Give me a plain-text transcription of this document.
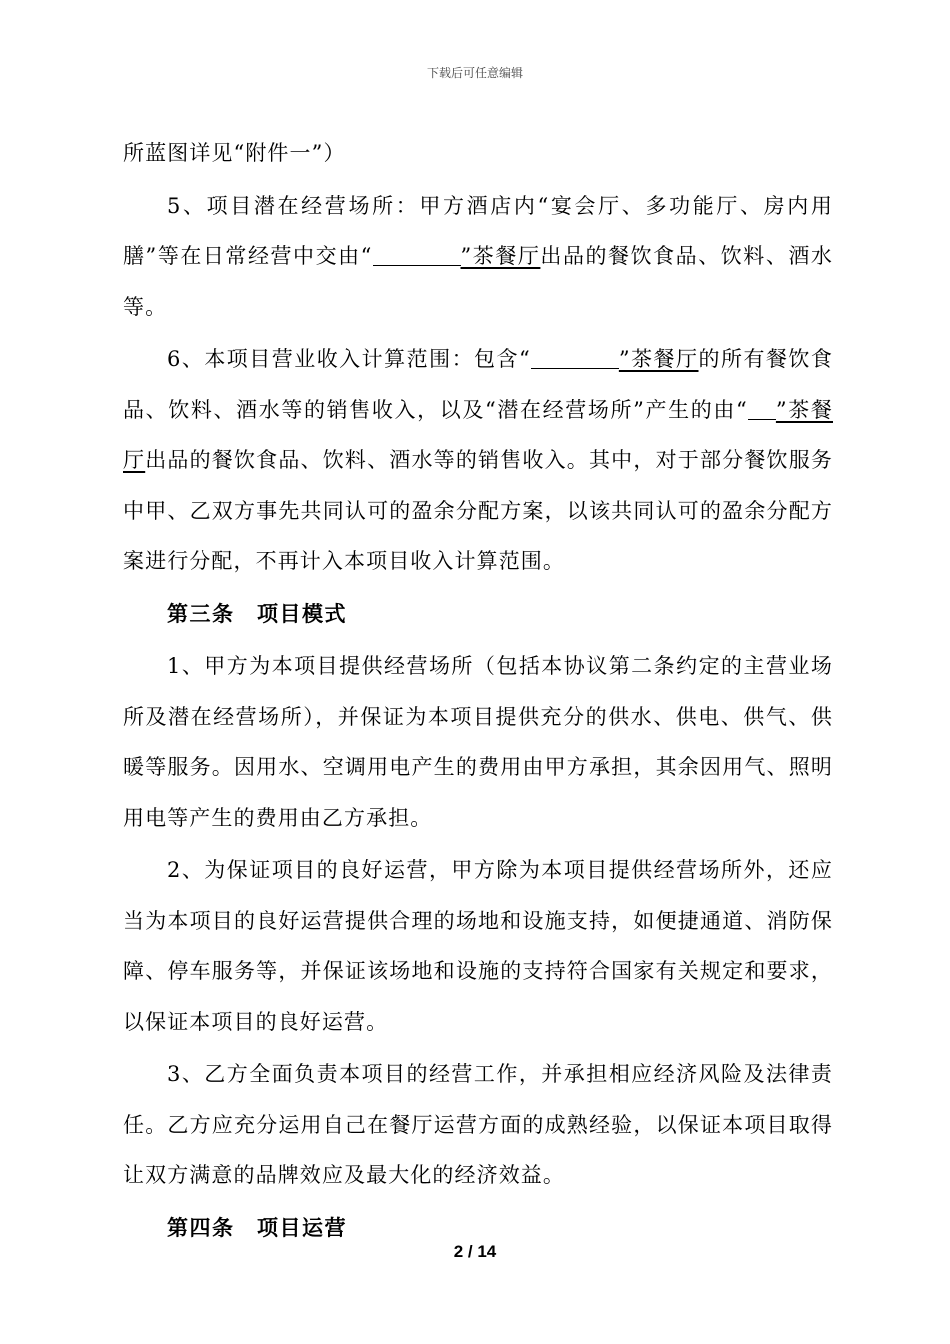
下载后可任意编辑

所蓝图详见“附件一”）

5、项目潜在经营场所：甲方酒店内“宴会厅、多功能厅、房内用膳”等在日常经营中交由“	”茶餐厅出品的餐饮食品、饮料、酒水等。

6、本项目营业收入计算范围：包含“	”茶餐厅的所有餐饮食品、饮料、酒水等的销售收入，以及“潜在经营场所”产生的由“ ”茶餐厅出品的餐饮食品、饮料、酒水等的销售收入。其中，对于部分餐饮服务中甲、乙双方事先共同认可的盈余分配方案，以该共同认可的盈余分配方案进行分配，不再计入本项目收入计算范围。

第三条　项目模式

1、甲方为本项目提供经营场所（包括本协议第二条约定的主营业场所及潜在经营场所），并保证为本项目提供充分的供水、供电、供气、供暖等服务。因用水、空调用电产生的费用由甲方承担，其余因用气、照明用电等产生的费用由乙方承担。

2、为保证项目的良好运营，甲方除为本项目提供经营场所外，还应当为本项目的良好运营提供合理的场地和设施支持，如便捷通道、消防保障、停车服务等，并保证该场地和设施的支持符合国家有关规定和要求，以保证本项目的良好运营。

3、乙方全面负责本项目的经营工作，并承担相应经济风险及法律责任。乙方应充分运用自己在餐厅运营方面的成熟经验，以保证本项目取得让双方满意的品牌效应及最大化的经济效益。

第四条　项目运营
2 / 14
